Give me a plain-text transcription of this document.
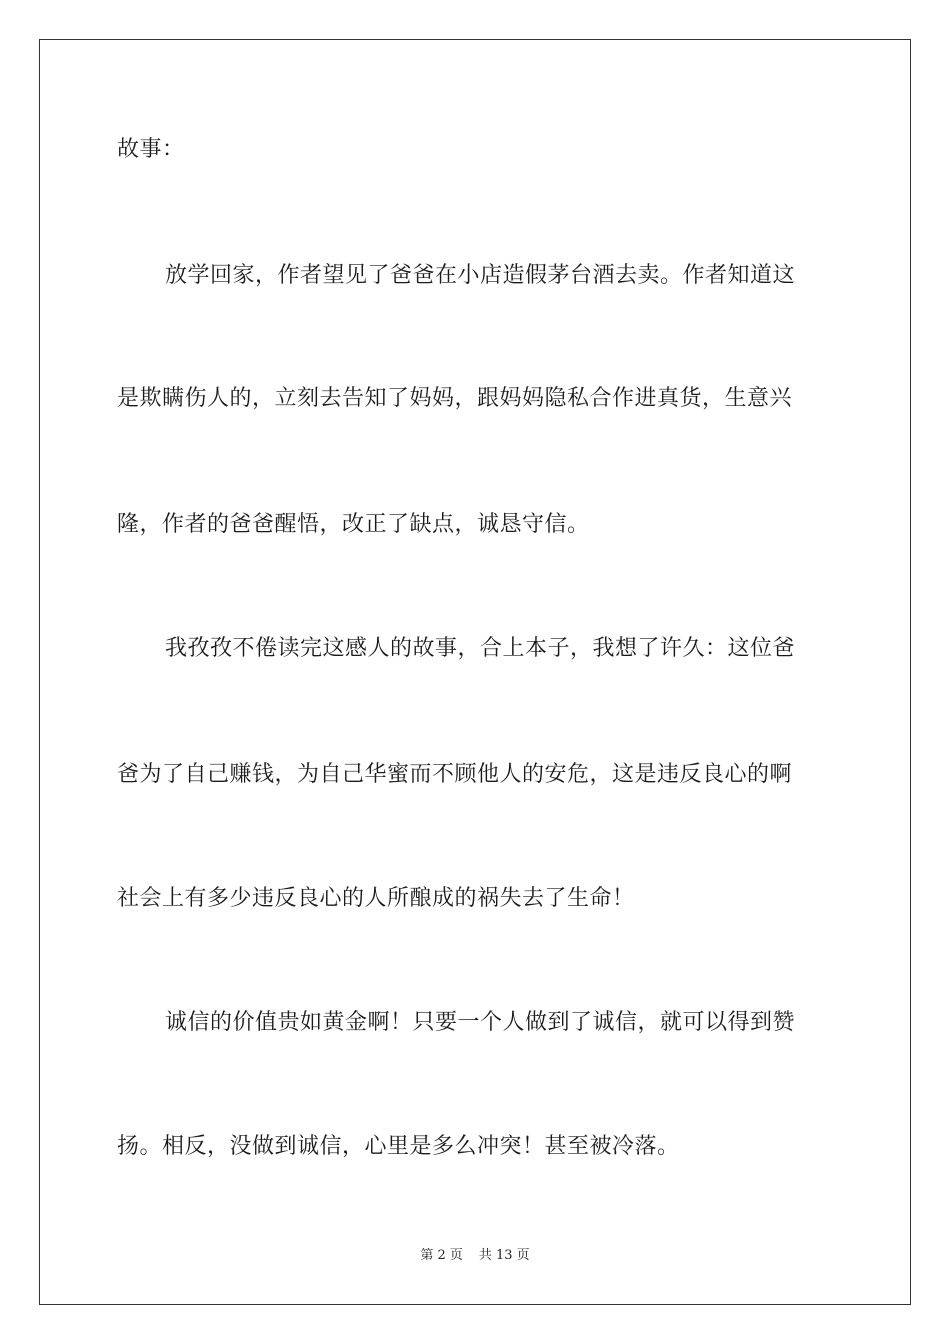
故事：
放学回家，作者望见了爸爸在小店造假茅台酒去卖。作者知道这
是欺瞒伤人的，立刻去告知了妈妈，跟妈妈隐私合作进真货，生意兴
隆，作者的爸爸醒悟，改正了缺点，诚恳守信。
我孜孜不倦读完这感人的故事，合上本子，我想了许久：这位爸
爸为了自己赚钱，为自己华蜜而不顾他人的安危，这是违反良心的啊
社会上有多少违反良心的人所酿成的祸失去了生命！
诚信的价值贵如黄金啊！只要一个人做到了诚信，就可以得到赞
扬。相反，没做到诚信，心里是多么冲突！甚至被冷落。
第 2 页 共 13 页
